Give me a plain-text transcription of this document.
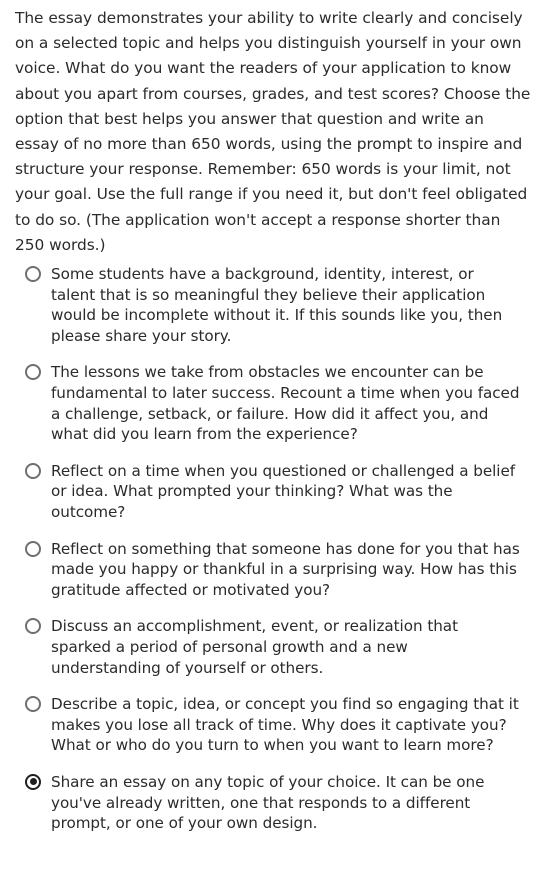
The essay demonstrates your ability to write clearly and concisely on a selected topic and helps you distinguish yourself in your own voice. What do you want the readers of your application to know about you apart from courses, grades, and test scores? Choose the option that best helps you answer that question and write an essay of no more than 650 words, using the prompt to inspire and structure your response. Remember: 650 words is your limit, not your goal. Use the full range if you need it, but don't feel obligated to do so. (The application won't accept a response shorter than 250 words.)

Some students have a background, identity, interest, or talent that is so meaningful they believe their application would be incomplete without it. If this sounds like you, then please share your story.
The lessons we take from obstacles we encounter can be fundamental to later success. Recount a time when you faced a challenge, setback, or failure. How did it affect you, and what did you learn from the experience?
Reflect on a time when you questioned or challenged a belief or idea. What prompted your thinking? What was the outcome?
Reflect on something that someone has done for you that has made you happy or thankful in a surprising way. How has this gratitude affected or motivated you?
Discuss an accomplishment, event, or realization that sparked a period of personal growth and a new understanding of yourself or others.
Describe a topic, idea, or concept you find so engaging that it makes you lose all track of time. Why does it captivate you? What or who do you turn to when you want to learn more?
Share an essay on any topic of your choice. It can be one you've already written, one that responds to a different prompt, or one of your own design.
